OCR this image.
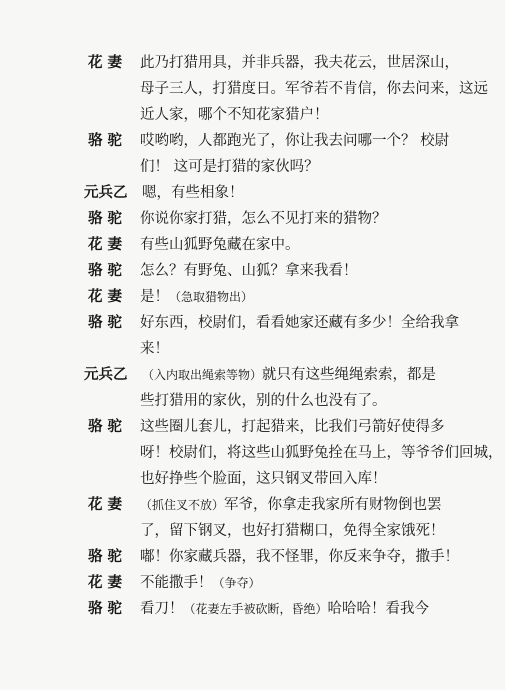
花 妻 此乃打猎用具，并非兵器，我夫花云，世居深山，
母子三人，打猎度日。军爷若不肯信，你去问来，这远
近人家，哪个不知花家猎户！
骆 驼 哎哟哟，人都跑光了，你让我去问哪一个？ 校尉
们！ 这可是打猎的家伙吗？
元兵乙 嗯，有些相象！
骆 驼 你说你家打猎，怎么不见打来的猎物？
花 妻 有些山狐野兔藏在家中。
骆 驼 怎么？有野兔、山狐？拿来我看！
花 妻 是！（急取猎物出）
骆 驼 好东西，校尉们，看看她家还藏有多少！全给我拿
来！
元兵乙 （入内取出绳索等物）就只有这些绳绳索索，都是
些打猎用的家伙，别的什么也没有了。
骆 驼 这些圈儿套儿，打起猎来，比我们弓箭好使得多
呀！校尉们，将这些山狐野兔拴在马上，等爷爷们回城，
也好挣些个脸面，这只钢叉带回入库！
花 妻 （抓住叉不放）军爷，你拿走我家所有财物倒也罢
了，留下钢叉，也好打猎糊口，免得全家饿死！
骆 驼 嘟！你家藏兵器，我不怪罪，你反来争夺，撒手！
花 妻 不能撒手！（争夺）
骆 驼 看刀！（花妻左手被砍断，昏绝）哈哈哈！看我今
